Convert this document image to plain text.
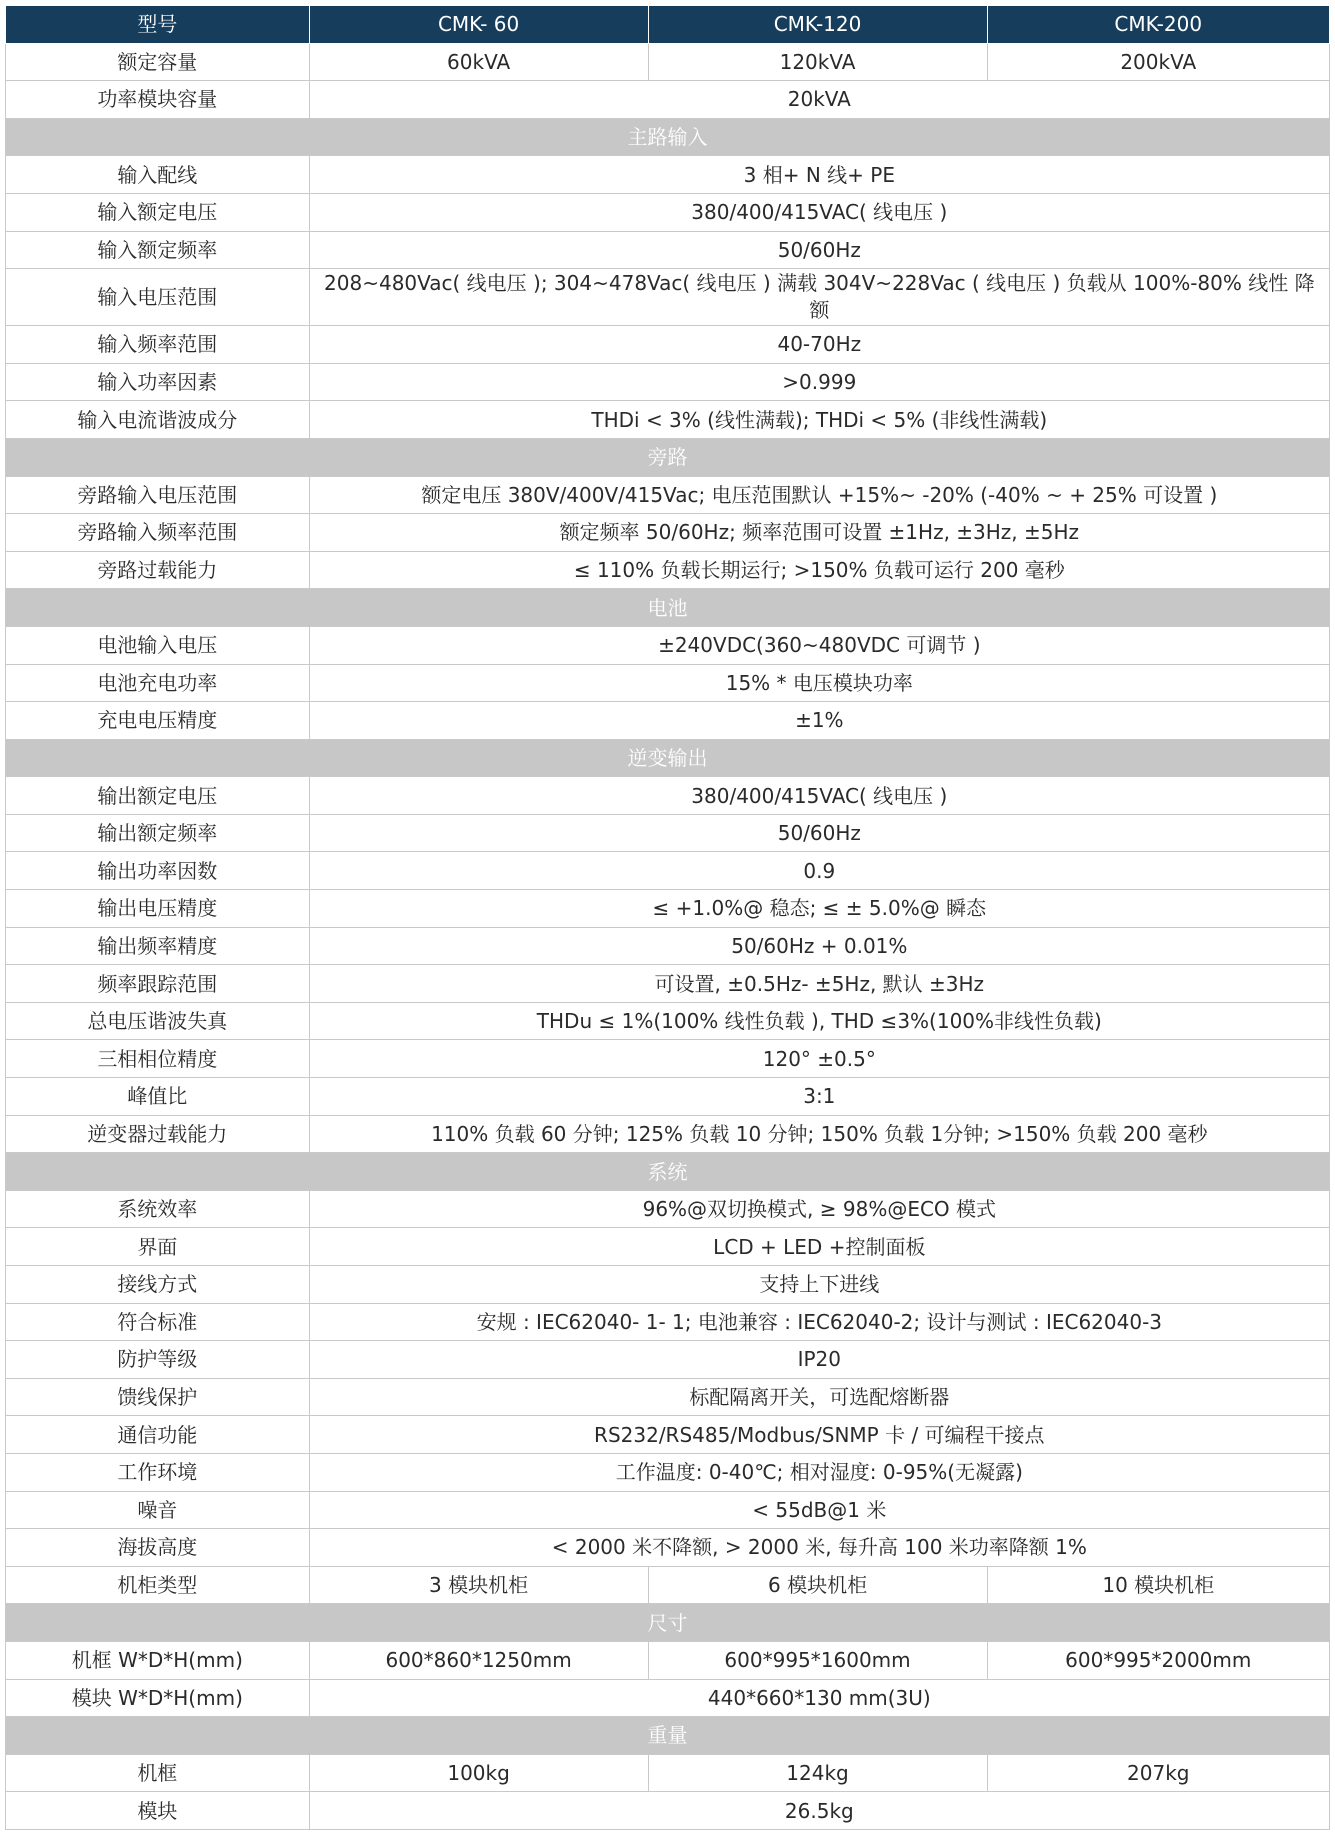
型号	CMK- 60	CMK-120	CMK-200
额定容量	60kVA	120kVA	200kVA
功率模块容量	20kVA		
主路输入			
输入配线	3 相+ N 线+ PE		
输入额定电压	380/400/415VAC( 线电压 )		
输入额定频率	50/60Hz		
输入电压范围	208~480Vac( 线电压 ); 304~478Vac( 线电压 ) 满载 304V~228Vac ( 线电压 ) 负载从 100%-80% 线性 降额		
输入频率范围	40-70Hz		
输入功率因素	>0.999		
输入电流谐波成分	THDi < 3% (线性满载); THDi < 5% (非线性满载)		
旁路			
旁路输入电压范围	额定电压 380V/400V/415Vac; 电压范围默认 +15%~ -20% (-40% ~ + 25% 可设置 )		
旁路输入频率范围	额定频率 50/60Hz; 频率范围可设置 ±1Hz, ±3Hz, ±5Hz		
旁路过载能力	≤ 110% 负载长期运行; >150% 负载可运行 200 毫秒		
电池			
电池输入电压	±240VDC(360~480VDC 可调节 )		
电池充电功率	15% * 电压模块功率		
充电电压精度	±1%		
逆变输出			
输出额定电压	380/400/415VAC( 线电压 )		
输出额定频率	50/60Hz		
输出功率因数	0.9		
输出电压精度	≤ +1.0%@ 稳态; ≤ ± 5.0%@ 瞬态		
输出频率精度	50/60Hz + 0.01%		
频率跟踪范围	可设置, ±0.5Hz- ±5Hz, 默认 ±3Hz		
总电压谐波失真	THDu ≤ 1%(100% 线性负载 ), THD ≤3%(100%非线性负载)		
三相相位精度	120° ±0.5°		
峰值比	3:1		
逆变器过载能力	110% 负载 60 分钟; 125% 负载 10 分钟; 150% 负载 1分钟; >150% 负载 200 毫秒		
系统			
系统效率	96%@双切换模式, ≥ 98%@ECO 模式		
界面	LCD + LED +控制面板		
接线方式	支持上下进线		
符合标准	安规 : IEC62040- 1- 1; 电池兼容 : IEC62040-2; 设计与测试 : IEC62040-3		
防护等级	IP20		
馈线保护	标配隔离开关，可选配熔断器		
通信功能	RS232/RS485/Modbus/SNMP 卡 / 可编程干接点		
工作环境	工作温度: 0-40℃; 相对湿度: 0-95%(无凝露)		
噪音	< 55dB@1 米		
海拔高度	< 2000 米不降额, > 2000 米, 每升高 100 米功率降额 1%		
机柜类型	3 模块机柜	6 模块机柜	10 模块机柜
尺寸			
机框 W*D*H(mm)	600*860*1250mm	600*995*1600mm	600*995*2000mm
模块 W*D*H(mm)	440*660*130 mm(3U)		
重量			
机框	100kg	124kg	207kg
模块	26.5kg		
